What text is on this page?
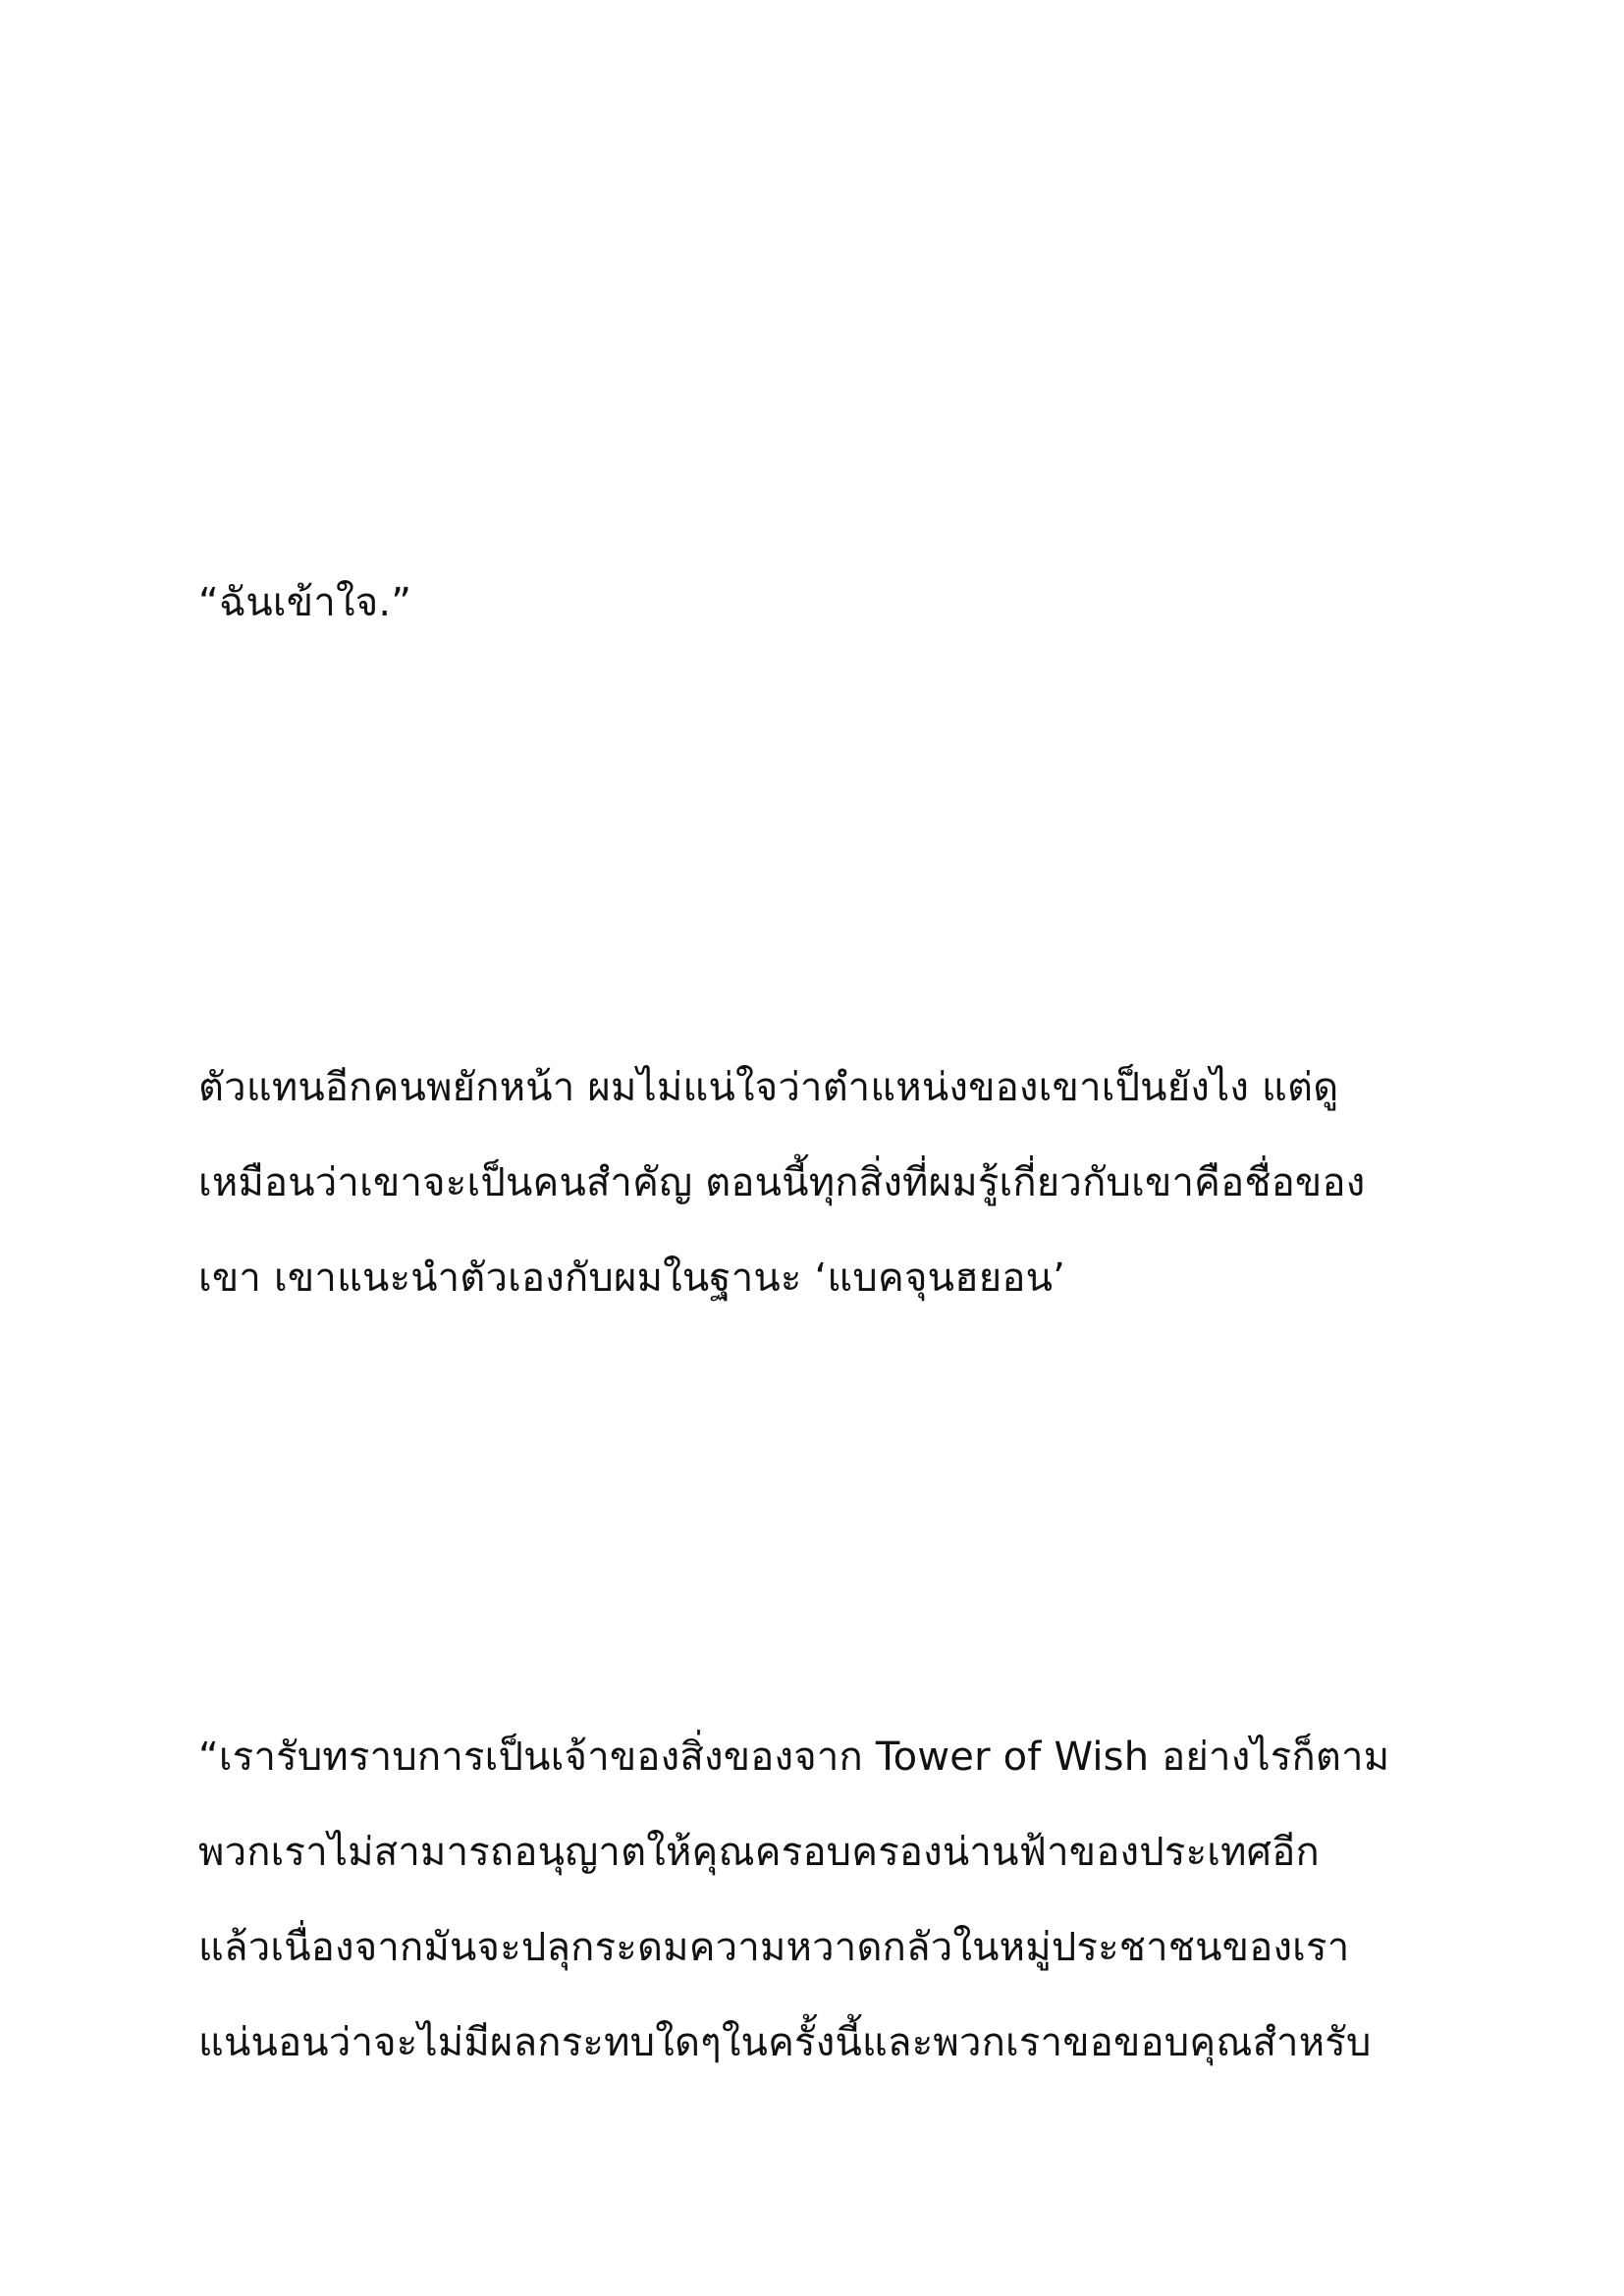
“ฉันเข้าใจ.”
ตัวแทนอีกคนพยักหน้า ผมไม่แน่ใจว่าตำแหน่งของเขาเป็นยังไง แต่ดู
เหมือนว่าเขาจะเป็นคนสำคัญ ตอนนี้ทุกสิ่งที่ผมรู้เกี่ยวกับเขาคือชื่อของ
เขา เขาแนะนำตัวเองกับผมในฐานะ ‘แบคจุนฮยอน’
“เรารับทราบการเป็นเจ้าของสิ่งของจาก Tower of Wish อย่างไรก็ตาม
พวกเราไม่สามารถอนุญาตให้คุณครอบครองน่านฟ้าของประเทศอีก
แล้วเนื่องจากมันจะปลุกระดมความหวาดกลัวในหมู่ประชาชนของเรา
แน่นอนว่าจะไม่มีผลกระทบใดๆในครั้งนี้และพวกเราขอขอบคุณสำหรับ
